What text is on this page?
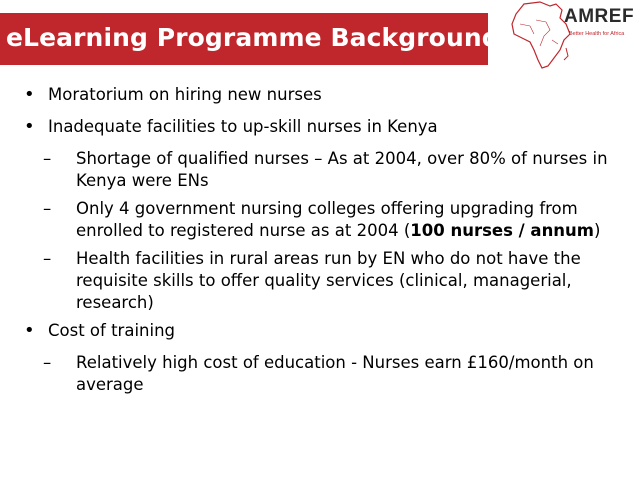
eLearning Programme Background
AMREF
Better Health for Africa
• Moratorium on hiring new nurses
• Inadequate facilities to up-skill nurses in Kenya
– Shortage of qualified nurses – As at 2004, over 80% of nurses in Kenya were ENs
– Only 4 government nursing colleges offering upgrading from enrolled to registered nurse as at 2004 (100 nurses / annum)
– Health facilities in rural areas run by EN who do not have the requisite skills to offer quality services (clinical, managerial, research)
• Cost of training
– Relatively high cost of education - Nurses earn £160/month on average
